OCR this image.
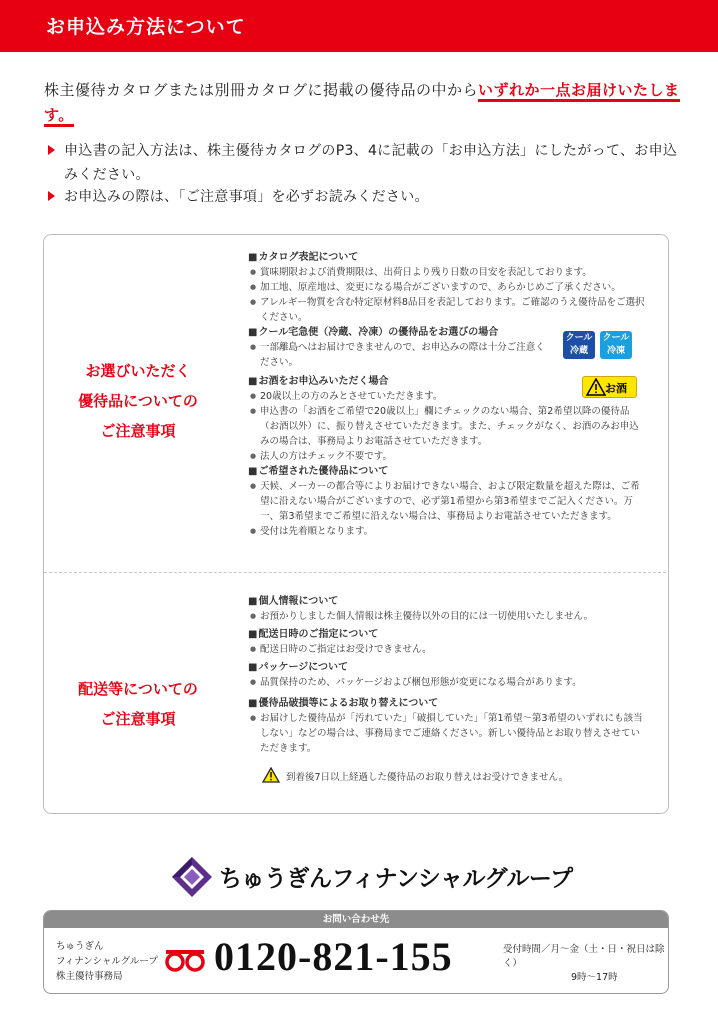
お申込み方法について
株主優待カタログまたは別冊カタログに掲載の優待品の中からいずれか一点お届けいたします。
申込書の記入方法は、株主優待カタログのP3、4に記載の「お申込方法」にしたがって、お申込みください。
お申込みの際は、「ご注意事項」を必ずお読みください。
お選びいただく
優待品についての
ご注意事項
■ カタログ表記について
● 賞味期限および消費期限は、出荷日より残り日数の目安を表記しております。
● 加工地、原産地は、変更になる場合がございますので、あらかじめご了承ください。
● アレルギー物質を含む特定原材料8品目を表記しております。ご確認のうえ優待品をご選択ください。
■ クール宅急便（冷蔵、冷凍）の優待品をお選びの場合
● 一部離島へはお届けできませんので、お申込みの際は十分ご注意ください。
クール
冷蔵
クール
冷凍
■ お酒をお申込みいただく場合
● 20歳以上の方のみとさせていただきます。
● 申込書の「お酒をご希望で20歳以上」欄にチェックのない場合、第2希望以降の優待品（お酒以外）に、振り替えさせていただきます。また、チェックがなく、お酒のみお申込みの場合は、事務局よりお電話させていただきます。
● 法人の方はチェック不要です。
お酒
■ ご希望された優待品について
● 天候、メーカーの都合等によりお届けできない場合、および限定数量を超えた際は、ご希望に沿えない場合がございますので、必ず第1希望から第3希望までご記入ください。万一、第3希望までご希望に沿えない場合は、事務局よりお電話させていただきます。
● 受付は先着順となります。
配送等についての
ご注意事項
■ 個人情報について
● お預かりしました個人情報は株主優待以外の目的には一切使用いたしません。
■ 配送日時のご指定について
● 配送日時のご指定はお受けできません。
■ パッケージについて
● 品質保持のため、パッケージおよび梱包形態が変更になる場合があります。
■ 優待品破損等によるお取り替えについて
● お届けした優待品が「汚れていた」「破損していた」「第1希望～第3希望のいずれにも該当しない」などの場合は、事務局までご連絡ください。新しい優待品とお取り替えさせていただきます。
到着後7日以上経過した優待品のお取り替えはお受けできません。
ちゅうぎんフィナンシャルグループ
お問い合わせ先
ちゅうぎん
フィナンシャルグループ
株主優待事務局	0120-821-155	受付時間／月～金（土・日・祝日は除く）
9時～17時
